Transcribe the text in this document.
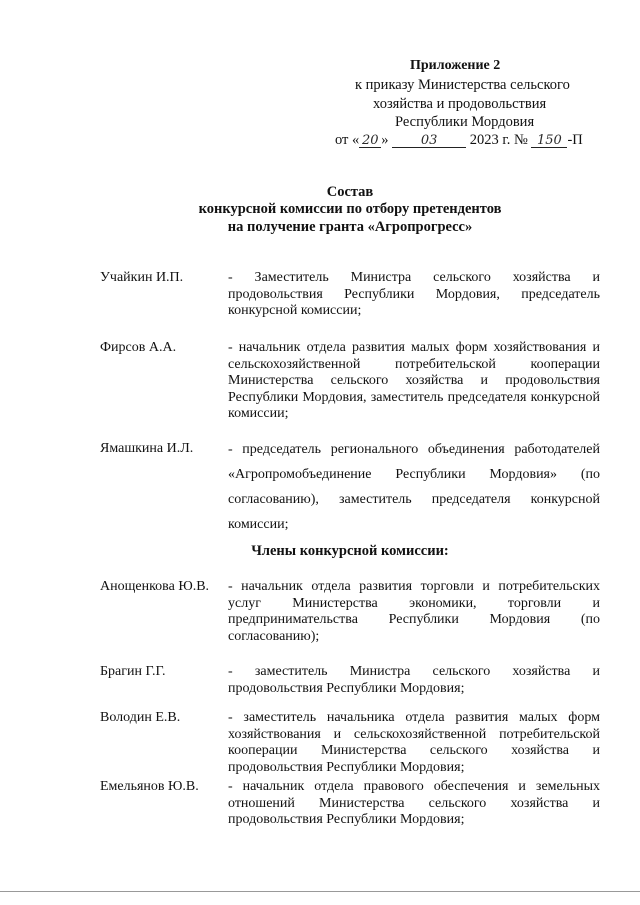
Приложение 2
к приказу Министерства сельского
хозяйства и продовольствия
Республики Мордовия
от « 20 » 03 2023 г. № 150 -П
Состав
конкурсной комиссии по отбору претендентов
на получение гранта «Агропрогресс»
Учайкин И.П.	- Заместитель Министра сельского хозяйства и продовольствия Республики Мордовия, председатель конкурсной комиссии;
Фирсов А.А.	- начальник отдела развития малых форм хозяйствования и сельскохозяйственной потребительской кооперации Министерства сельского хозяйства и продовольствия Республики Мордовия, заместитель председателя конкурсной комиссии;
Ямашкина И.Л. - председатель регионального объединения работодателей «Агропромобъединение Республики Мордовия» (по согласованию), заместитель председателя конкурсной комиссии;
Члены конкурсной комиссии:
Анощенкова Ю.В. - начальник отдела развития торговли и потребительских услуг Министерства экономики, торговли и предпринимательства Республики Мордовия (по согласованию);
Брагин Г.Г.	- заместитель Министра сельского хозяйства и продовольствия Республики Мордовия;
Володин Е.В.	- заместитель начальника отдела развития малых форм хозяйствования и сельскохозяйственной потребительской кооперации Министерства сельского хозяйства и продовольствия Республики Мордовия;
Емельянов Ю.В. - начальник отдела правового обеспечения и земельных отношений Министерства сельского хозяйства и продовольствия Республики Мордовия;
